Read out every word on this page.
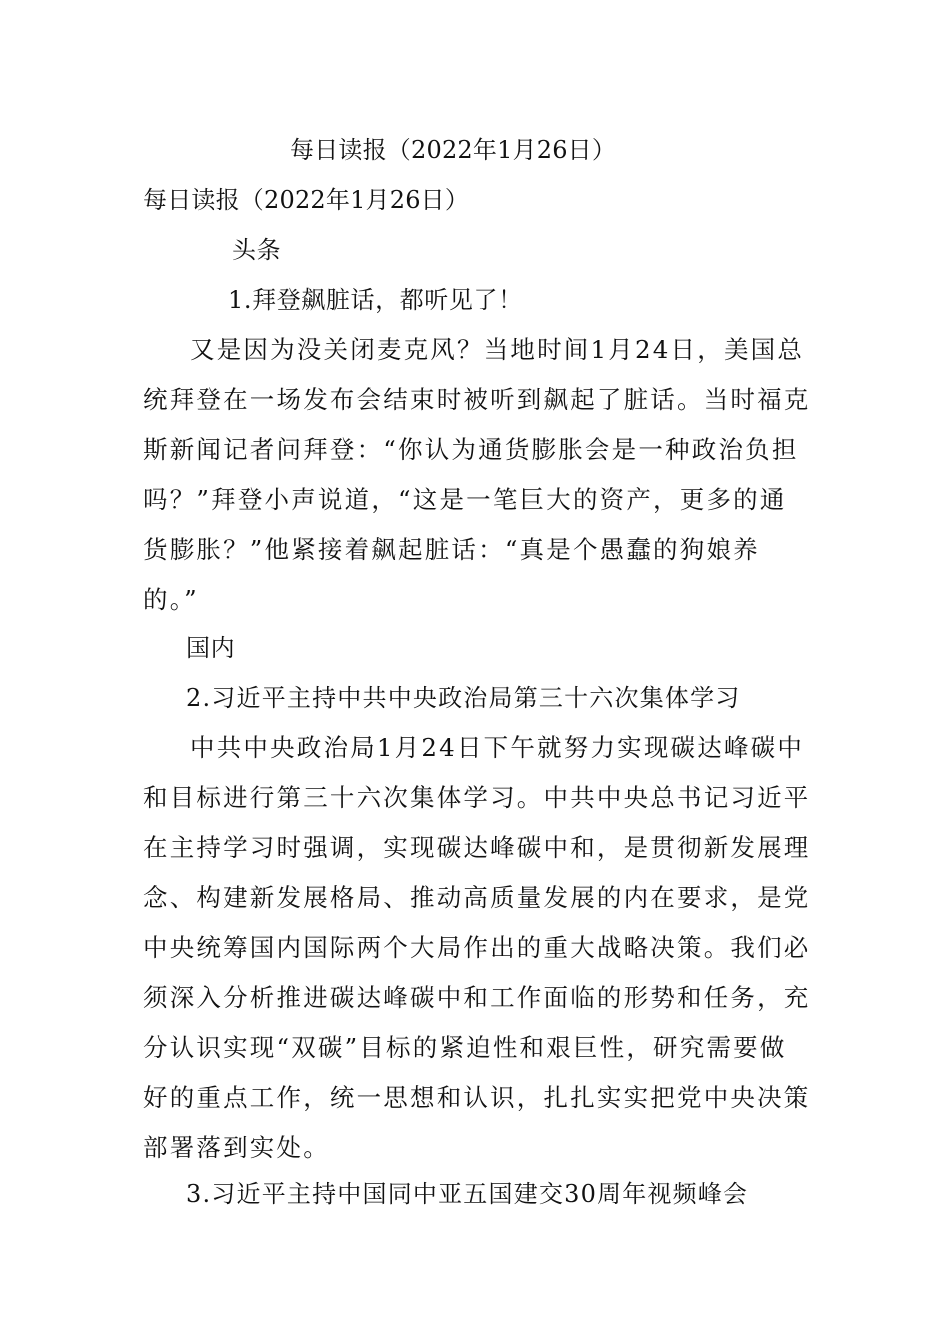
每日读报（2022年1月26日）
每日读报（2022年1月26日）
头条
1.拜登飙脏话，都听见了！
又是因为没关闭麦克风？当地时间1月24日，美国总
统拜登在一场发布会结束时被听到飙起了脏话。当时福克
斯新闻记者问拜登：“你认为通货膨胀会是一种政治负担
吗？”拜登小声说道，“这是一笔巨大的资产，更多的通
货膨胀？”他紧接着飙起脏话：“真是个愚蠢的狗娘养
的。”
国内
2.习近平主持中共中央政治局第三十六次集体学习
中共中央政治局1月24日下午就努力实现碳达峰碳中
和目标进行第三十六次集体学习。中共中央总书记习近平
在主持学习时强调，实现碳达峰碳中和，是贯彻新发展理
念、构建新发展格局、推动高质量发展的内在要求，是党
中央统筹国内国际两个大局作出的重大战略决策。我们必
须深入分析推进碳达峰碳中和工作面临的形势和任务，充
分认识实现“双碳”目标的紧迫性和艰巨性，研究需要做
好的重点工作，统一思想和认识，扎扎实实把党中央决策
部署落到实处。
3.习近平主持中国同中亚五国建交30周年视频峰会
